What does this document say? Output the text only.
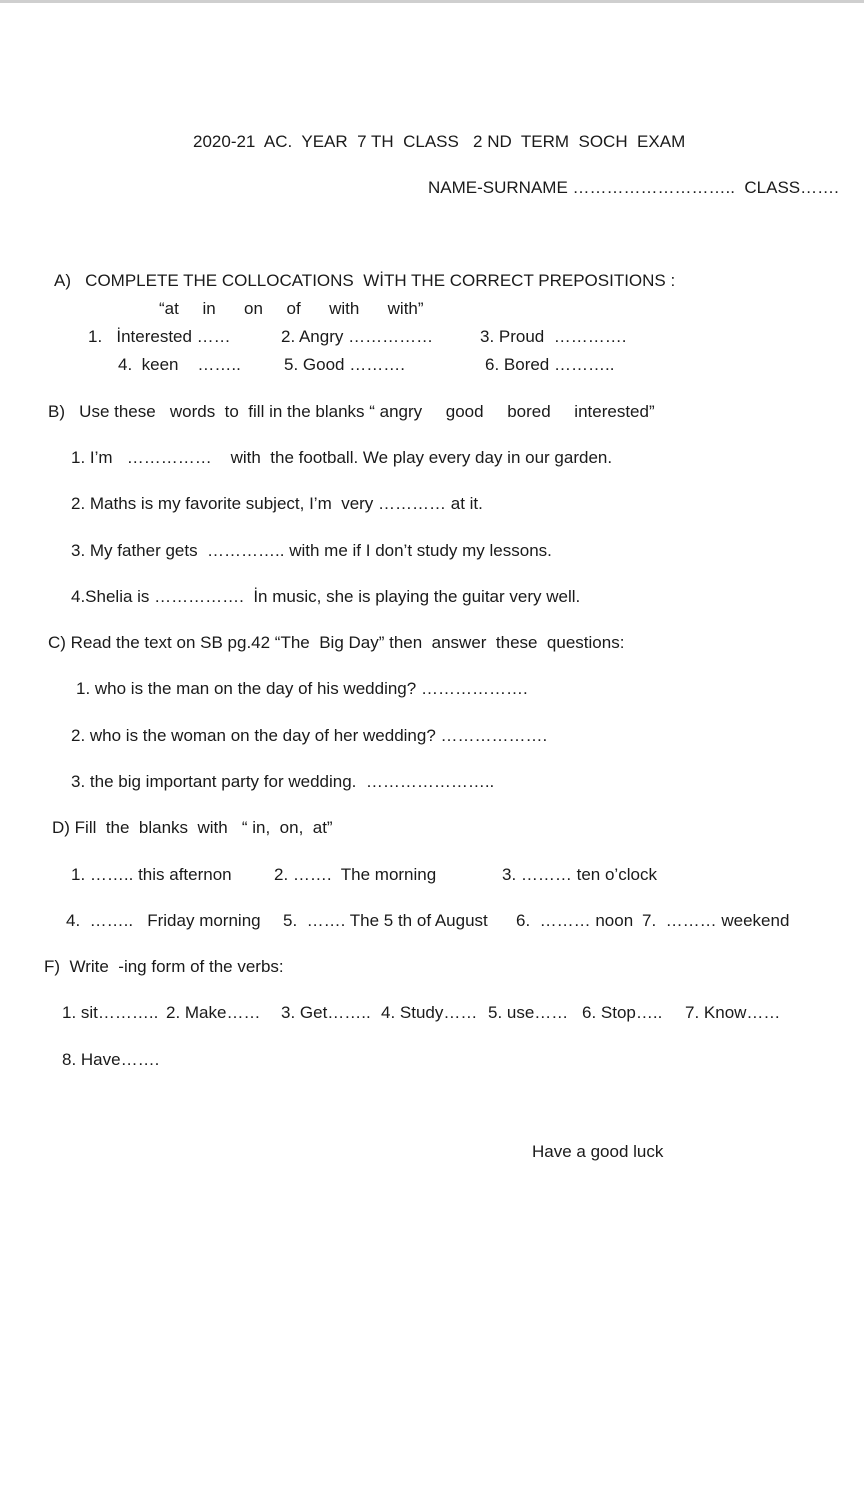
2020-21  AC.  YEAR  7 TH  CLASS   2 ND  TERM  SOCH  EXAM
NAME-SURNAME ………………………..  CLASS…….
A)   COMPLETE THE COLLOCATIONS  WİTH THE CORRECT PREPOSITIONS :
“at     in      on     of      with      with”
1.   İnterested ……	2. Angry ……………	3. Proud  ………….
4.  keen    ……..	5. Good ……….	6. Bored ………..
B)   Use these   words  to  fill in the blanks “ angry     good     bored     interested”
1. I’m   ……………    with  the football. We play every day in our garden.
2. Maths is my favorite subject, I’m  very ………… at it.
3. My father gets  ………….. with me if I don’t study my lessons.
4.Shelia is …………….  İn music, she is playing the guitar very well.
C) Read the text on SB pg.42 “The  Big Day” then  answer  these  questions:
1. who is the man on the day of his wedding? ……………….
2. who is the woman on the day of her wedding? ……………….
3. the big important party for wedding.  …………………..
D) Fill  the  blanks  with   “ in,  on,  at”
1. …….. this afternon 2. …….  The morning	3. ……… ten o’clock
4.  ……..   Friday morning 5.  ……. The 5 th of August 6.  ……… noon 7.  ……… weekend
F)  Write  -ing form of the verbs:
1. sit……….. 2. Make…… 3. Get…….. 4. Study…… 5. use…… 6. Stop….. 7. Know……
8. Have…….
Have a good luck
